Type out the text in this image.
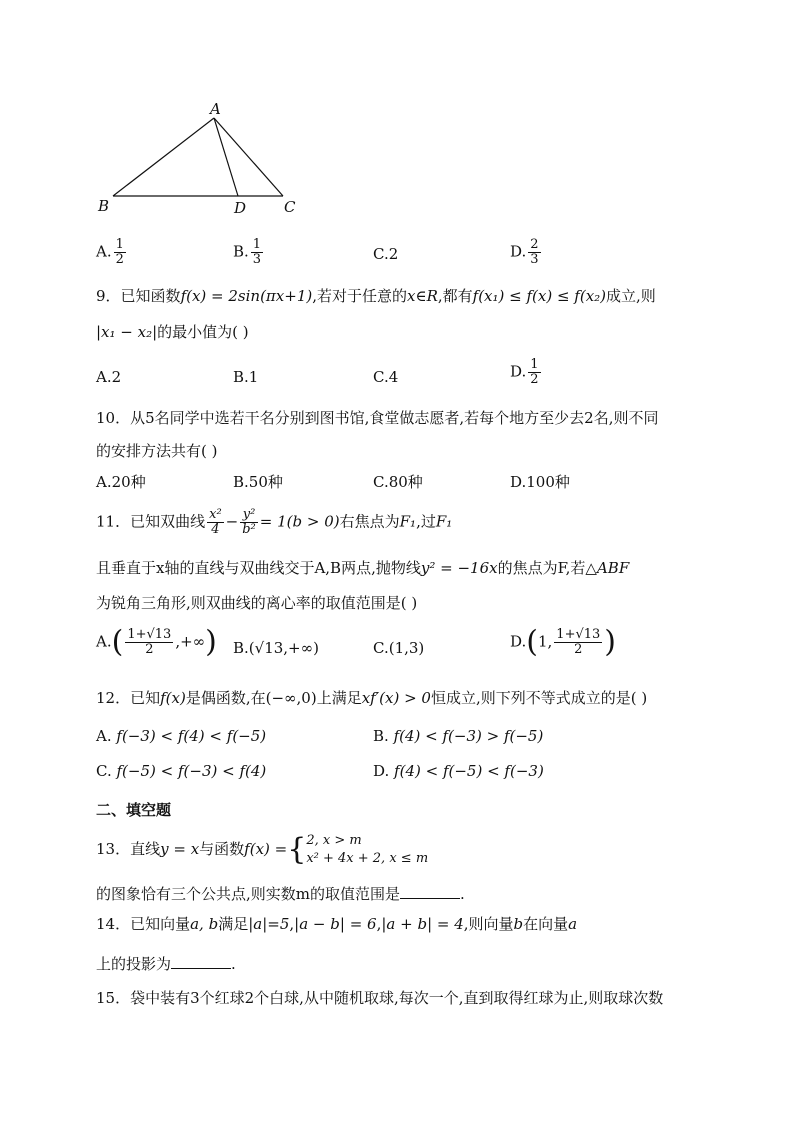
A
B	D	C
A. $\frac{1}{2}$	B. $\frac{1}{3}$	C.2	D. $\frac{2}{3}$
9．已知函数f(x) = 2sin(πx+1),若对于任意的x∈R,都有f(x₁) ≤ f(x) ≤ f(x₂)成立,则
|x₁ − x₂|的最小值为( )
A.2	B.1	C.4	D. $\frac{1}{2}$
10．从5名同学中选若干名分别到图书馆,食堂做志愿者,若每个地方至少去2名,则不同
的安排方法共有( )
A.20种	B.50种	C.80种	D.100种
11．已知双曲线 $\frac{\text{x²}}{4} - \frac{\text{y²}}{\text{b²}} = 1(b > 0)$右焦点为F₁,过F₁
且垂直于x轴的直线与双曲线交于A,B两点,抛物线y² = −16x的焦点为F,若△ABF
为锐角三角形,则双曲线的离心率的取值范围是( )
$A.( \frac{1+√13}{2}$ ,+∞) B.(√13,+∞)	C.(1,3)	D.(1, $\frac{1+√13}{2}$ )
12．已知f(x)是偶函数,在(−∞,0)上满足xf′(x) > 0恒成立,则下列不等式成立的是( )
A. f(−3) < f(4) < f(−5)	B. f(4) < f(−3) > f(−5)
C. f(−5) < f(−3) < f(4)	D. f(4) < f(−5) < f(−3)
二、填空题
13．直线y = x与函数f(x) ={2, x > m
x² + 4x + 2, x ≤ m
的图象恰有三个公共点,则实数m的取值范围是	.
14．已知向量a, b满足|a|=5,|a − b| = 6,|a + b| = 4,则向量b在向量a
上的投影为	.
15．袋中装有3个红球2个白球,从中随机取球,每次一个,直到取得红球为止,则取球次数
